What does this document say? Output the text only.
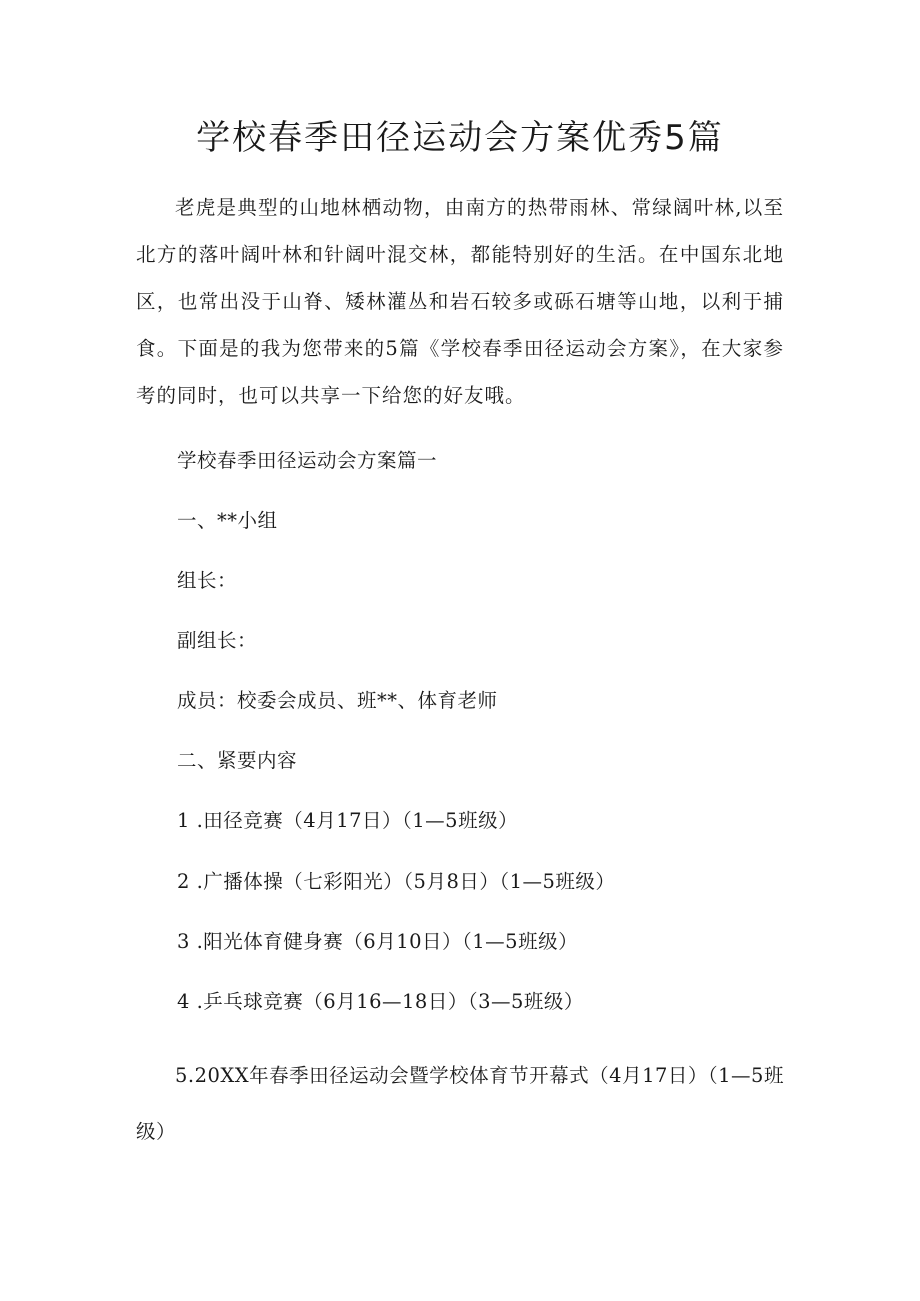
学校春季田径运动会方案优秀5篇

老虎是典型的山地林栖动物，由南方的热带雨林、常绿阔叶林,以至北方的落叶阔叶林和针阔叶混交林，都能特别好的生活。在中国东北地区，也常出没于山脊、矮林灌丛和岩石较多或砾石塘等山地，以利于捕食。下面是的我为您带来的5篇《学校春季田径运动会方案》，在大家参考的同时，也可以共享一下给您的好友哦。

学校春季田径运动会方案篇一

一、**小组

组长：

副组长：

成员：校委会成员、班**、体育老师

二、紧要内容

1 .田径竞赛（4月17日）（1—5班级）

2 .广播体操（七彩阳光）（5月8日）（1—5班级）

3 .阳光体育健身赛（6月10日）（1—5班级）

4 .乒乓球竞赛（6月16—18日）（3—5班级）

5.20XX年春季田径运动会暨学校体育节开幕式（4月17日）（1—5班级）
